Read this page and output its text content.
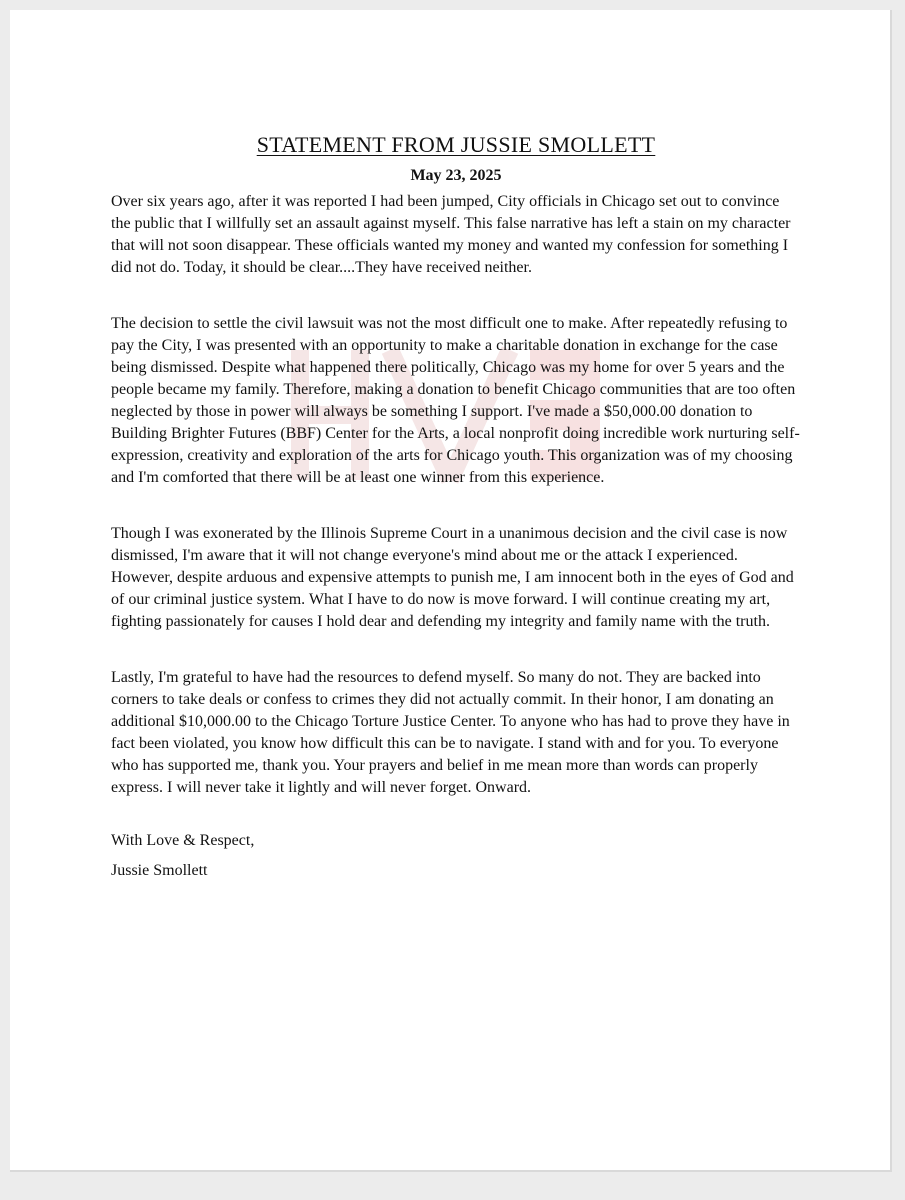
STATEMENT FROM JUSSIE SMOLLETT
May 23, 2025

Over six years ago, after it was reported I had been jumped, City officials in Chicago set out to convince the public that I willfully set an assault against myself. This false narrative has left a stain on my character that will not soon disappear. These officials wanted my money and wanted my confession for something I did not do. Today, it should be clear....They have received neither.

The decision to settle the civil lawsuit was not the most difficult one to make. After repeatedly refusing to pay the City, I was presented with an opportunity to make a charitable donation in exchange for the case being dismissed. Despite what happened there politically, Chicago was my home for over 5 years and the people became my family. Therefore, making a donation to benefit Chicago communities that are too often neglected by those in power will always be something I support. I've made a $50,000.00 donation to Building Brighter Futures (BBF) Center for the Arts, a local nonprofit doing incredible work nurturing self-expression, creativity and exploration of the arts for Chicago youth. This organization was of my choosing and I'm comforted that there will be at least one winner from this experience.

Though I was exonerated by the Illinois Supreme Court in a unanimous decision and the civil case is now dismissed, I'm aware that it will not change everyone's mind about me or the attack I experienced. However, despite arduous and expensive attempts to punish me, I am innocent both in the eyes of God and of our criminal justice system. What I have to do now is move forward. I will continue creating my art, fighting passionately for causes I hold dear and defending my integrity and family name with the truth.

Lastly, I'm grateful to have had the resources to defend myself. So many do not. They are backed into corners to take deals or confess to crimes they did not actually commit. In their honor, I am donating an additional $10,000.00 to the Chicago Torture Justice Center. To anyone who has had to prove they have in fact been violated, you know how difficult this can be to navigate. I stand with and for you. To everyone who has supported me, thank you. Your prayers and belief in me mean more than words can properly express. I will never take it lightly and will never forget. Onward.

With Love & Respect,
Jussie Smollett
